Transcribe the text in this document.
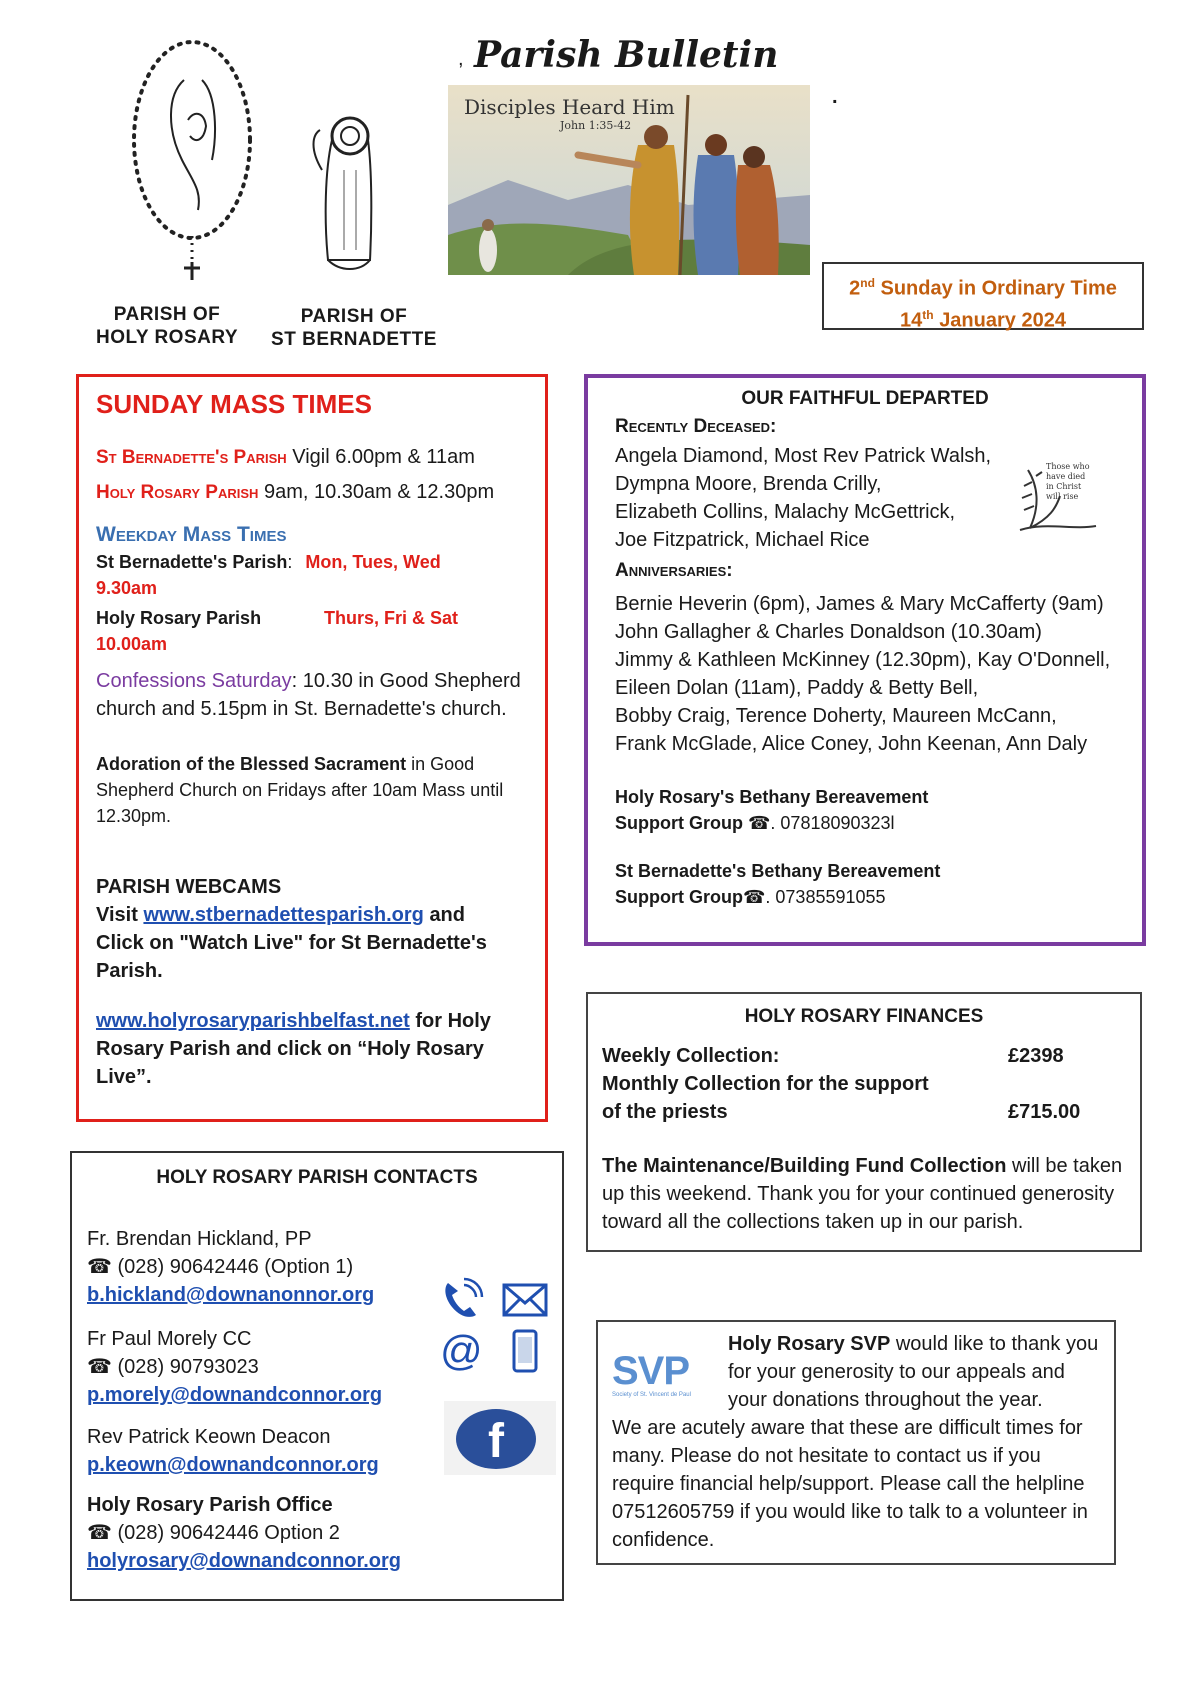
PARISH OF
HOLY ROSARY
PARISH OF
ST BERNADETTE
, Parish Bulletin
Disciples Heard Him
John 1:35-42
.
2nd Sunday in Ordinary Time
14th January 2024
SUNDAY MASS TIMES
St Bernadette's Parish Vigil 6.00pm & 11am
Holy Rosary Parish 9am, 10.30am & 12.30pm
Weekday Mass Times
St Bernadette's Parish: Mon, Tues, Wed
9.30am
Holy Rosary Parish	Thurs, Fri & Sat

10.00am
Confessions Saturday: 10.30 in Good Shepherd
church and 5.15pm in St. Bernadette's church.
Adoration of the Blessed Sacrament in Good
Shepherd Church on Fridays after 10am Mass until
12.30pm.
PARISH WEBCAMS
Visit www.stbernadettesparish.org and
Click on "Watch Live" for St Bernadette's
Parish.
www.holyrosaryparishbelfast.net for Holy
Rosary Parish and click on “Holy Rosary
Live”.
OUR FAITHFUL DEPARTED
Recently Deceased:
Angela Diamond, Most Rev Patrick Walsh,
Dympna Moore, Brenda Crilly,
Elizabeth Collins, Malachy McGettrick,
Joe Fitzpatrick, Michael Rice
Those who
have died
in Christ
will rise
Anniversaries:
Bernie Heverin (6pm), James & Mary McCafferty (9am)
John Gallagher & Charles Donaldson (10.30am)
Jimmy & Kathleen McKinney (12.30pm), Kay O'Donnell,
Eileen Dolan (11am), Paddy & Betty Bell,
Bobby Craig, Terence Doherty, Maureen McCann,
Frank McGlade, Alice Coney, John Keenan, Ann Daly
Holy Rosary's Bethany Bereavement
Support Group ☎. 07818090323l
St Bernadette's Bethany Bereavement
Support Group☎. 07385591055
HOLY ROSARY FINANCES
Weekly Collection:	£2398
Monthly Collection for the support
of the priests	£715.00
The Maintenance/Building Fund Collection will be taken
up this weekend. Thank you for your continued generosity
toward all the collections taken up in our parish.
HOLY ROSARY PARISH CONTACTS
Fr. Brendan Hickland, PP
☎ (028) 90642446 (Option 1)
b.hickland@downanonnor.org
Fr Paul Morely CC
☎ (028) 90793023
p.morely@downandconnor.org
Rev Patrick Keown Deacon
p.keown@downandconnor.org
Holy Rosary Parish Office
☎ (028) 90642446 Option 2
holyrosary@downandconnor.org
@
f
SVP
Society of St. Vincent de Paul
Holy Rosary SVP would like to thank you
for your generosity to our appeals and
your donations throughout the year.
We are acutely aware that these are difficult times for
many. Please do not hesitate to contact us if you
require financial help/support. Please call the helpline
07512605759 if you would like to talk to a volunteer in
confidence.
